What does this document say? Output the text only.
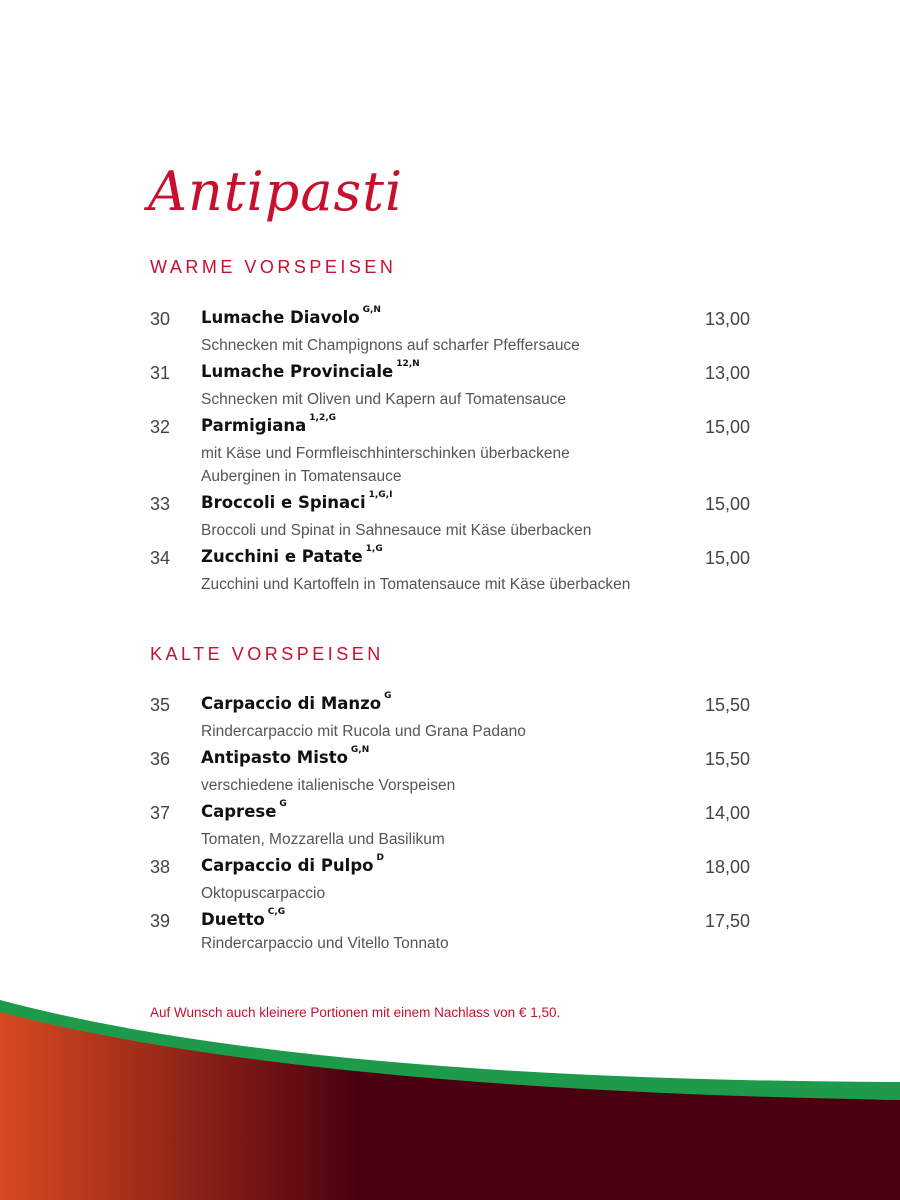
Antipasti
WARME VORSPEISEN
30 Lumache Diavolo $^{G,N}$	13,00
Schnecken mit Champignons auf scharfer Pfeffersauce
31 Lumache Provinciale $^{12,N}$	13,00
Schnecken mit Oliven und Kapern auf Tomatensauce
32 Parmigiana $^{1,2,G}$	15,00
mit Käse und Formfleischhinterschinken überbackene Auberginen in Tomatensauce
33 Broccoli e Spinaci $^{1,G,I}$	15,00
Broccoli und Spinat in Sahnesauce mit Käse überbacken
34 Zucchini e Patate $^{1,G}$	15,00
Zucchini und Kartoffeln in Tomatensauce mit Käse überbacken
KALTE VORSPEISEN
35 Carpaccio di Manzo $^G$	15,50
Rindercarpaccio mit Rucola und Grana Padano
36 Antipasto Misto $^{G,N}$	15,50
verschiedene italienische Vorspeisen
37 Caprese $^G$	14,00
Tomaten, Mozzarella und Basilikum
38 Carpaccio di Pulpo $^D$	18,00
Oktopuscarpaccio
39 Duetto $^{C,G}$	17,50
Rindercarpaccio und Vitello Tonnato
Auf Wunsch auch kleinere Portionen mit einem Nachlass von € 1,50.
